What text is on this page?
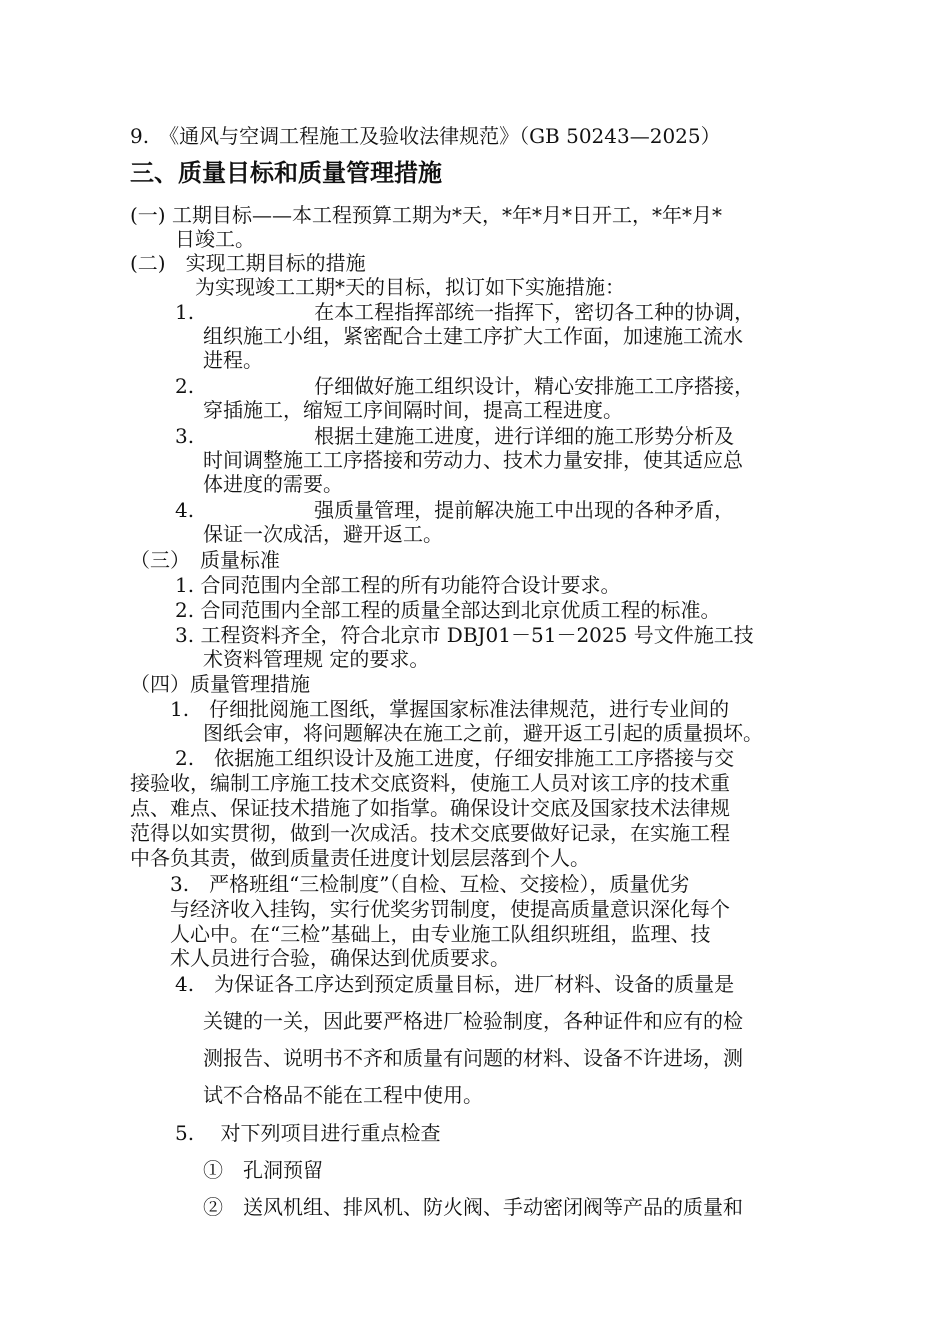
9.　《通风与空调工程施工及验收法律规范》（GB 50243—2025）
三、质量目标和质量管理措施
(一) 工期目标——本工程预算工期为*天，*年*月*日开工，*年*月*
日竣工。
(二)　实现工期目标的措施
为实现竣工工期*天的目标，拟订如下实施措施：
1.　　　　　　在本工程指挥部统一指挥下，密切各工种的协调，
组织施工小组，紧密配合土建工序扩大工作面，加速施工流水
进程。
2.　　　　　　仔细做好施工组织设计，精心安排施工工序搭接，
穿插施工，缩短工序间隔时间，提高工程进度。
3.　　　　　　根据土建施工进度，进行详细的施工形势分析及
时间调整施工工序搭接和劳动力、技术力量安排，使其适应总
体进度的需要。
4.　　　　　　强质量管理，提前解决施工中出现的各种矛盾，
保证一次成活，避开返工。
（三）　质量标准
1. 合同范围内全部工程的所有功能符合设计要求。
2. 合同范围内全部工程的质量全部达到北京优质工程的标准。
3. 工程资料齐全，符合北京市 DBJ01－51－2025 号文件施工技
术资料管理规 定的要求。
（四）质量管理措施
1.　仔细批阅施工图纸，掌握国家标准法律规范，进行专业间的
图纸会审，将问题解决在施工之前，避开返工引起的质量损坏。
2.　依据施工组织设计及施工进度，仔细安排施工工序搭接与交
接验收，编制工序施工技术交底资料，使施工人员对该工序的技术重
点、难点、保证技术措施了如指掌。确保设计交底及国家技术法律规
范得以如实贯彻，做到一次成活。技术交底要做好记录，在实施工程
中各负其责，做到质量责任进度计划层层落到个人。
3.　严格班组“三检制度”（自检、互检、交接检），质量优劣
与经济收入挂钩，实行优奖劣罚制度，使提高质量意识深化每个
人心中。在“三检”基础上，由专业施工队组织班组，监理、技
术人员进行合验，确保达到优质要求。
4.　为保证各工序达到预定质量目标，进厂材料、设备的质量是
关键的一关，因此要严格进厂检验制度，各种证件和应有的检
测报告、说明书不齐和质量有问题的材料、设备不许进场，测
试不合格品不能在工程中使用。
5.　 对下列项目进行重点检查
①　孔洞预留
②　送风机组、排风机、防火阀、手动密闭阀等产品的质量和
